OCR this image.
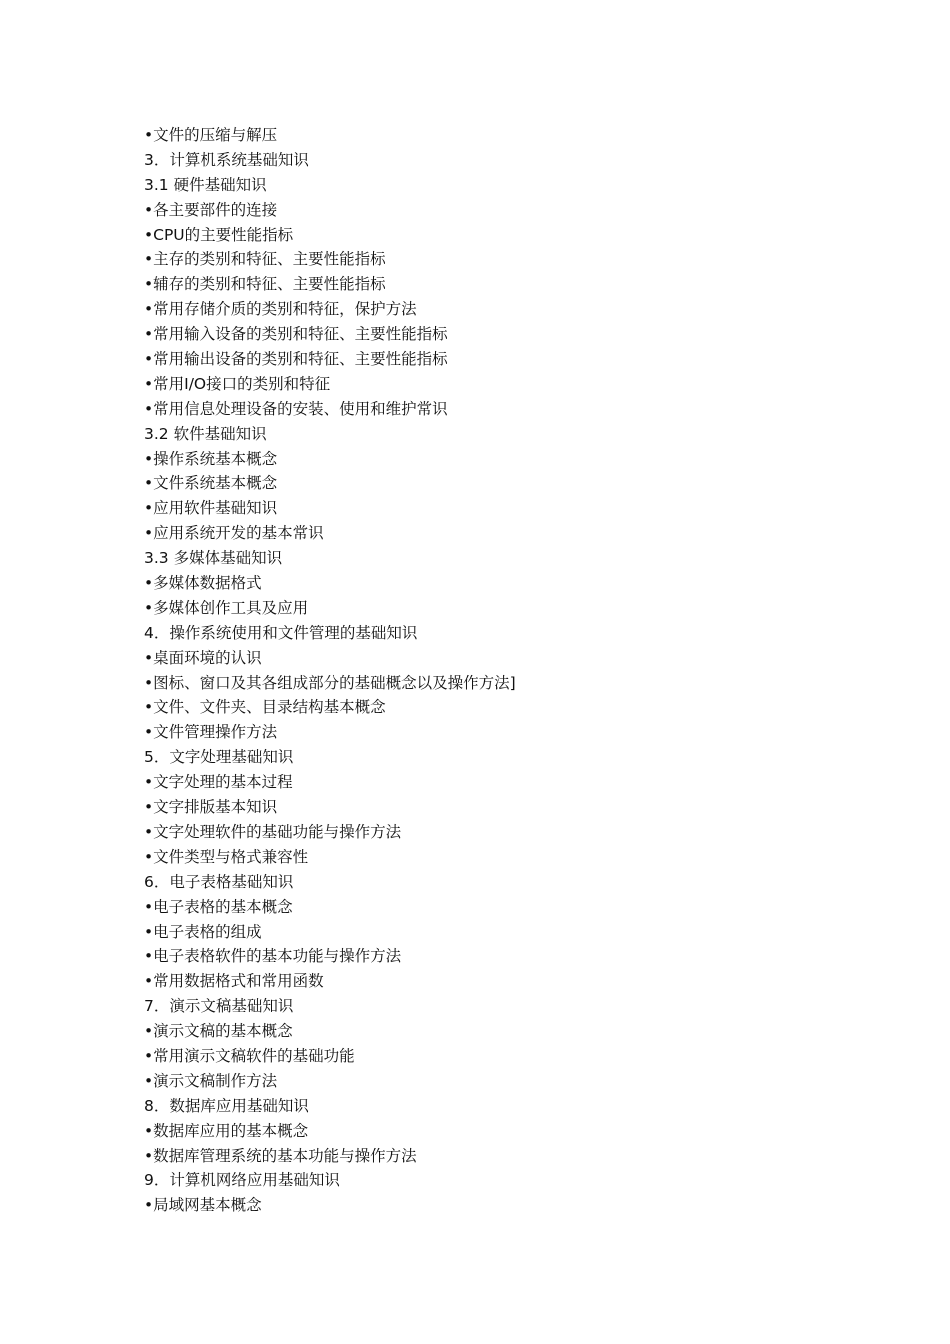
•文件的压缩与解压
3．计算机系统基础知识
3.1 硬件基础知识
•各主要部件的连接
•CPU的主要性能指标
•主存的类别和特征、主要性能指标
•辅存的类别和特征、主要性能指标
•常用存储介质的类别和特征，保护方法
•常用输入设备的类别和特征、主要性能指标
•常用输出设备的类别和特征、主要性能指标
•常用I/O接口的类别和特征
•常用信息处理设备的安装、使用和维护常识
3.2 软件基础知识
•操作系统基本概念
•文件系统基本概念
•应用软件基础知识
•应用系统开发的基本常识
3.3 多媒体基础知识
•多媒体数据格式
•多媒体创作工具及应用
4．操作系统使用和文件管理的基础知识
•桌面环境的认识
•图标、窗口及其各组成部分的基础概念以及操作方法]
•文件、文件夹、目录结构基本概念
•文件管理操作方法
5．文字处理基础知识
•文字处理的基本过程
•文字排版基本知识
•文字处理软件的基础功能与操作方法
•文件类型与格式兼容性
6．电子表格基础知识
•电子表格的基本概念
•电子表格的组成
•电子表格软件的基本功能与操作方法
•常用数据格式和常用函数
7．演示文稿基础知识
•演示文稿的基本概念
•常用演示文稿软件的基础功能
•演示文稿制作方法
8．数据库应用基础知识
•数据库应用的基本概念
•数据库管理系统的基本功能与操作方法
9．计算机网络应用基础知识
•局域网基本概念
